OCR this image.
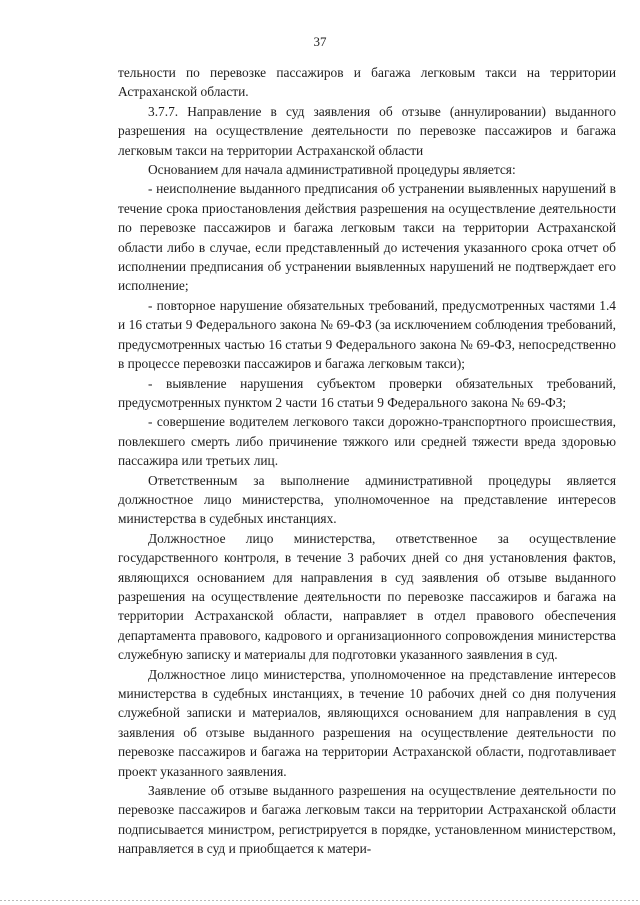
37

тельности по перевозке пассажиров и багажа легковым такси на территории Астраханской области.

3.7.7. Направление в суд заявления об отзыве (аннулировании) выданного разрешения на осуществление деятельности по перевозке пассажиров и багажа легковым такси на территории Астраханской области

Основанием для начала административной процедуры является:

- неисполнение выданного предписания об устранении выявленных нарушений в течение срока приостановления действия разрешения на осуществление деятельности по перевозке пассажиров и багажа легковым такси на территории Астраханской области либо в случае, если представленный до истечения указанного срока отчет об исполнении предписания об устранении выявленных нарушений не подтверждает его исполнение;

- повторное нарушение обязательных требований, предусмотренных частями 1.4 и 16 статьи 9 Федерального закона № 69-ФЗ (за исключением соблюдения требований, предусмотренных частью 16 статьи 9 Федерального закона № 69-ФЗ, непосредственно в процессе перевозки пассажиров и багажа легковым такси);

- выявление нарушения субъектом проверки обязательных требований, предусмотренных пунктом 2 части 16 статьи 9 Федерального закона № 69-ФЗ;

- совершение водителем легкового такси дорожно-транспортного происшествия, повлекшего смерть либо причинение тяжкого или средней тяжести вреда здоровью пассажира или третьих лиц.

Ответственным за выполнение административной процедуры является должностное лицо министерства, уполномоченное на представление интересов министерства в судебных инстанциях.

Должностное лицо министерства, ответственное за осуществление государственного контроля, в течение 3 рабочих дней со дня установления фактов, являющихся основанием для направления в суд заявления об отзыве выданного разрешения на осуществление деятельности по перевозке пассажиров и багажа на территории Астраханской области, направляет в отдел правового обеспечения департамента правового, кадрового и организационного сопровождения министерства служебную записку и материалы для подготовки указанного заявления в суд.

Должностное лицо министерства, уполномоченное на представление интересов министерства в судебных инстанциях, в течение 10 рабочих дней со дня получения служебной записки и материалов, являющихся основанием для направления в суд заявления об отзыве выданного разрешения на осуществление деятельности по перевозке пассажиров и багажа на территории Астраханской области, подготавливает проект указанного заявления.

Заявление об отзыве выданного разрешения на осуществление деятельности по перевозке пассажиров и багажа легковым такси на территории Астраханской области подписывается министром, регистрируется в порядке, установленном министерством, направляется в суд и приобщается к матери-
